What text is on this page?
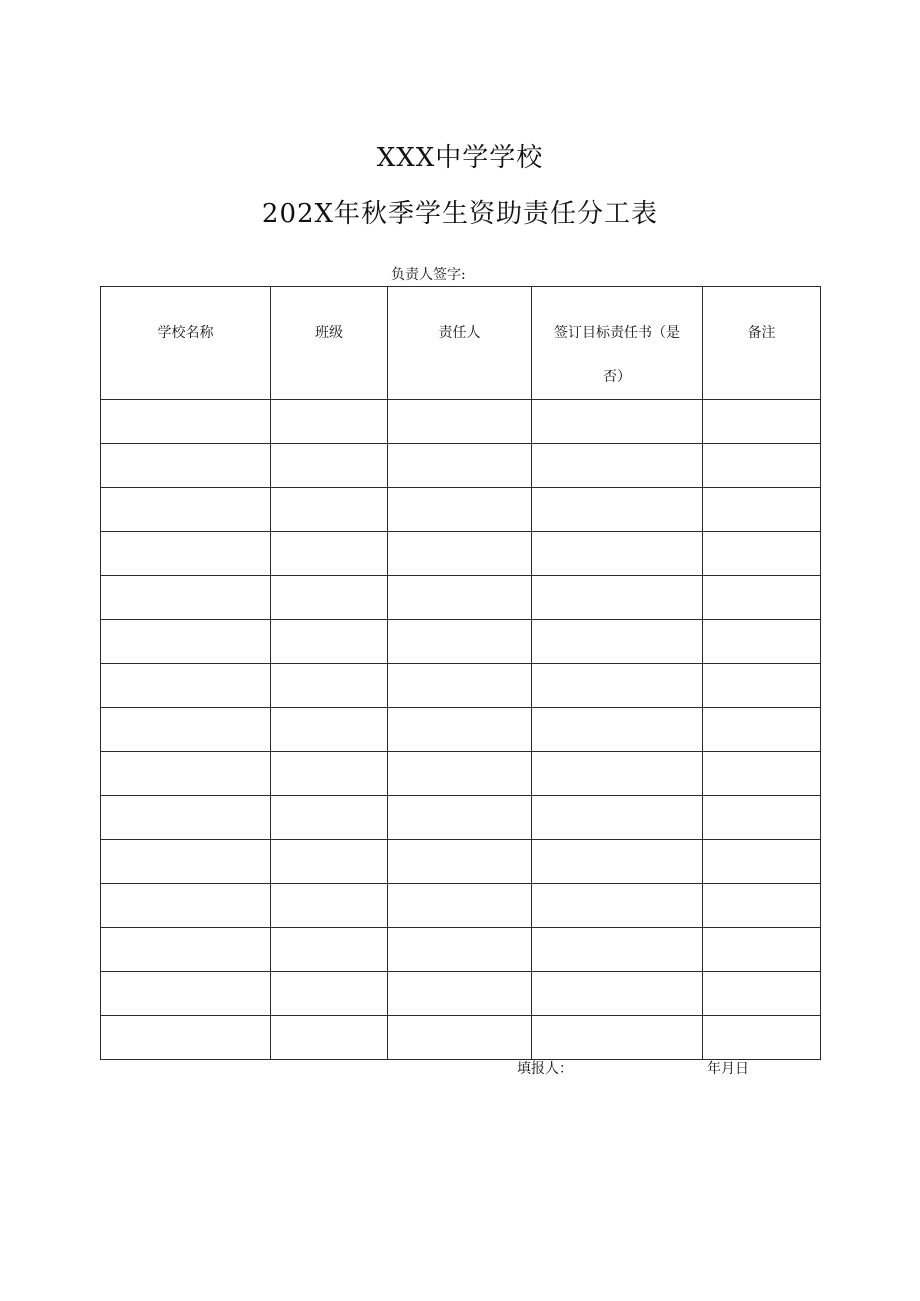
XXX中学学校
202X年秋季学生资助责任分工表
负责人签字:
学校名称	班级	责任人	签订目标责任书（是否）	备注

填报人：	年月日
